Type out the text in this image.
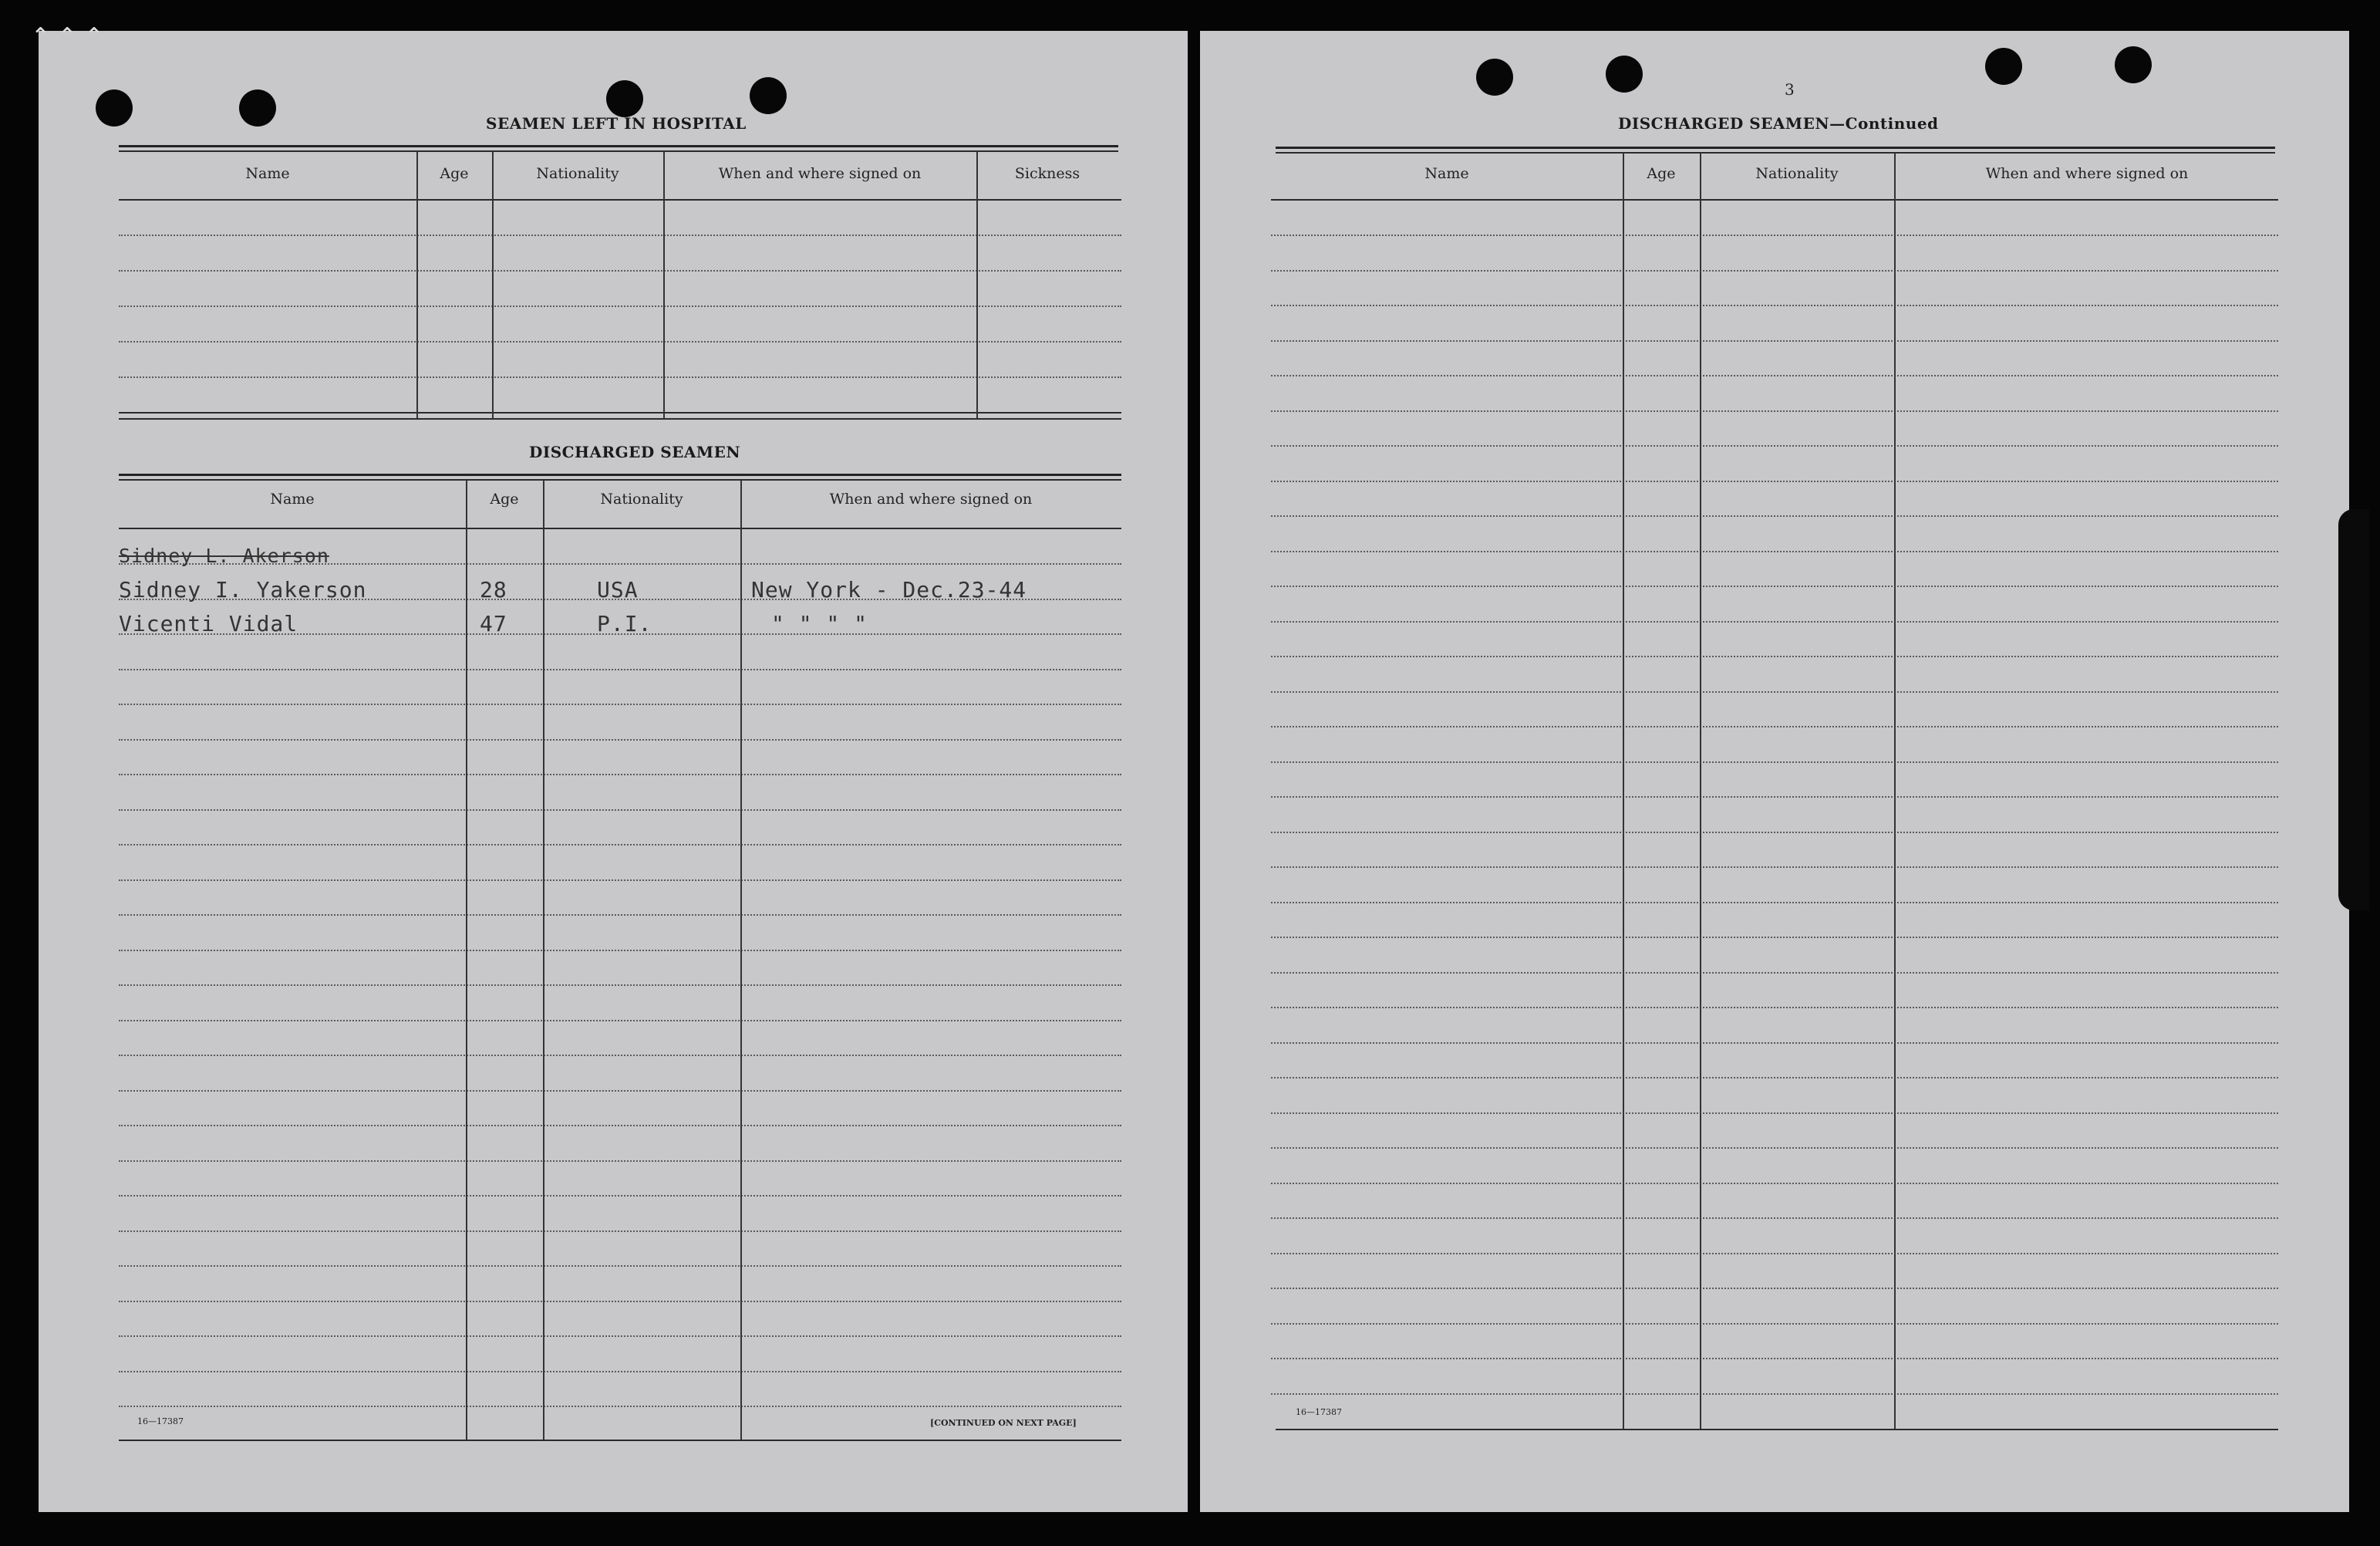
SEAMEN LEFT IN HOSPITAL
Name	Age	Nationality	When and where signed on	Sickness
DISCHARGED SEAMEN
Name	Age	Nationality	When and where signed on
Sidney L. Akerson
Sidney I. Yakerson	28	USA	New York - Dec.23-44
Vicenti Vidal	47	P.I.	" " " "
16—17387	[CONTINUED ON NEXT PAGE]
3
DISCHARGED SEAMEN—Continued
Name	Age	Nationality	When and where signed on
16—17387
⌃ ⌃ ⌃
